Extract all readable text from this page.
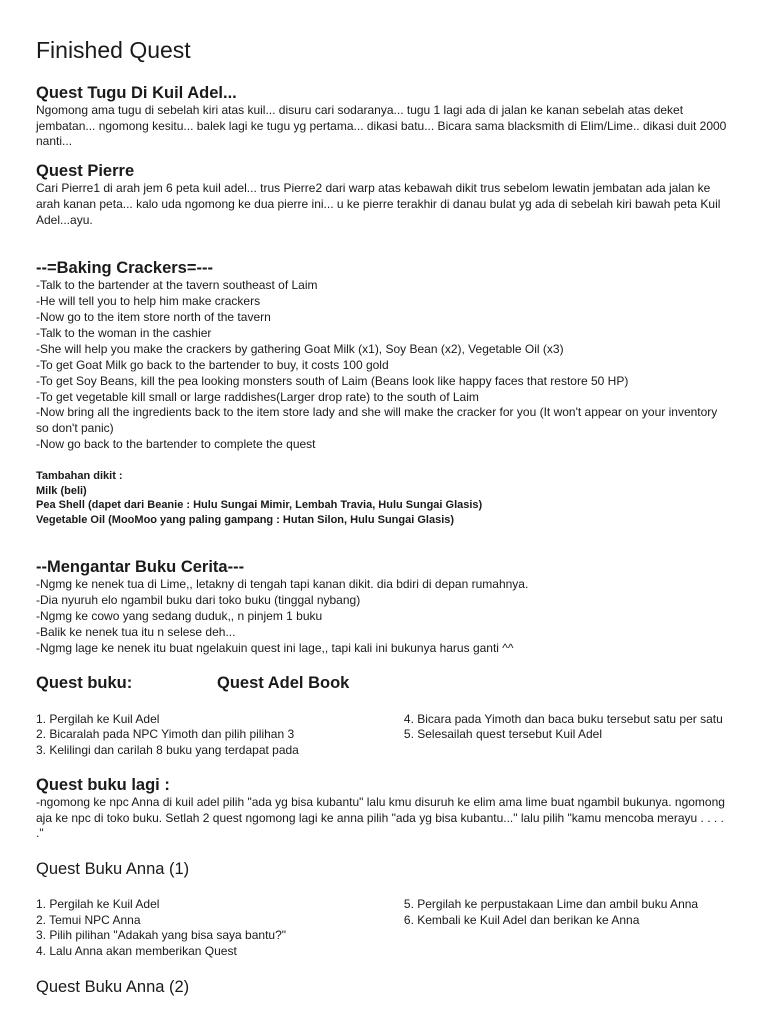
Finished Quest
Quest Tugu Di Kuil Adel...

Ngomong ama tugu di sebelah kiri atas kuil... disuru cari sodaranya... tugu 1 lagi ada di jalan ke kanan sebelah atas deket jembatan... ngomong kesitu... balek lagi ke tugu yg pertama... dikasi batu... Bicara sama blacksmith di Elim/Lime.. dikasi duit 2000 nanti...

Quest Pierre

Cari Pierre1 di arah jem 6 peta kuil adel... trus Pierre2 dari warp atas kebawah dikit trus sebelom lewatin jembatan ada jalan ke arah kanan peta... kalo uda ngomong ke dua pierre ini... u ke pierre terakhir di danau bulat yg ada di sebelah kiri bawah peta Kuil Adel...ayu.

--=Baking Crackers=---
-Talk to the bartender at the tavern southeast of Laim
-He will tell you to help him make crackers
-Now go to the item store north of the tavern
-Talk to the woman in the cashier
-She will help you make the crackers by gathering Goat Milk (x1), Soy Bean (x2), Vegetable Oil (x3)
-To get Goat Milk go back to the bartender to buy, it costs 100 gold
-To get Soy Beans, kill the pea looking monsters south of Laim (Beans look like happy faces that restore 50 HP)
-To get vegetable kill small or large raddishes(Larger drop rate) to the south of Laim
-Now bring all the ingredients back to the item store lady and she will make the cracker for you (It won't appear on your inventory so don't panic)
-Now go back to the bartender to complete the quest
Tambahan dikit :
Milk (beli)
Pea Shell (dapet dari Beanie : Hulu Sungai Mimir, Lembah Travia, Hulu Sungai Glasis)
Vegetable Oil (MooMoo yang paling gampang : Hutan Silon, Hulu Sungai Glasis)
--Mengantar Buku Cerita---
-Ngmg ke nenek tua di Lime,, letakny di tengah tapi kanan dikit. dia bdiri di depan rumahnya.
-Dia nyuruh elo ngambil buku dari toko buku (tinggal nybang)
-Ngmg ke cowo yang sedang duduk,, n pinjem 1 buku
-Balik ke nenek tua itu n selese deh...
-Ngmg lage ke nenek itu buat ngelakuin quest ini lage,, tapi kali ini bukunya harus ganti ^^
Quest buku:	Quest Adel Book
1. Pergilah ke Kuil Adel
2. Bicaralah pada NPC Yimoth dan pilih pilihan 3
3. Kelilingi dan carilah 8 buku yang terdapat pada
4. Bicara pada Yimoth dan baca buku tersebut satu per satu
5. Selesailah quest tersebut Kuil Adel
Quest buku lagi :

-ngomong ke npc Anna di kuil adel pilih "ada yg bisa kubantu" lalu kmu disuruh ke elim ama lime buat ngambil bukunya. ngomong aja ke npc di toko buku. Setlah 2 quest ngomong lagi ke anna pilih "ada yg bisa kubantu..." lalu pilih "kamu mencoba merayu . . . . ."

Quest Buku Anna (1)
1. Pergilah ke Kuil Adel
2. Temui NPC Anna
3. Pilih pilihan "Adakah yang bisa saya bantu?"
4. Lalu Anna akan memberikan Quest
5. Pergilah ke perpustakaan Lime dan ambil buku Anna
6. Kembali ke Kuil Adel dan berikan ke Anna
Quest Buku Anna (2)
